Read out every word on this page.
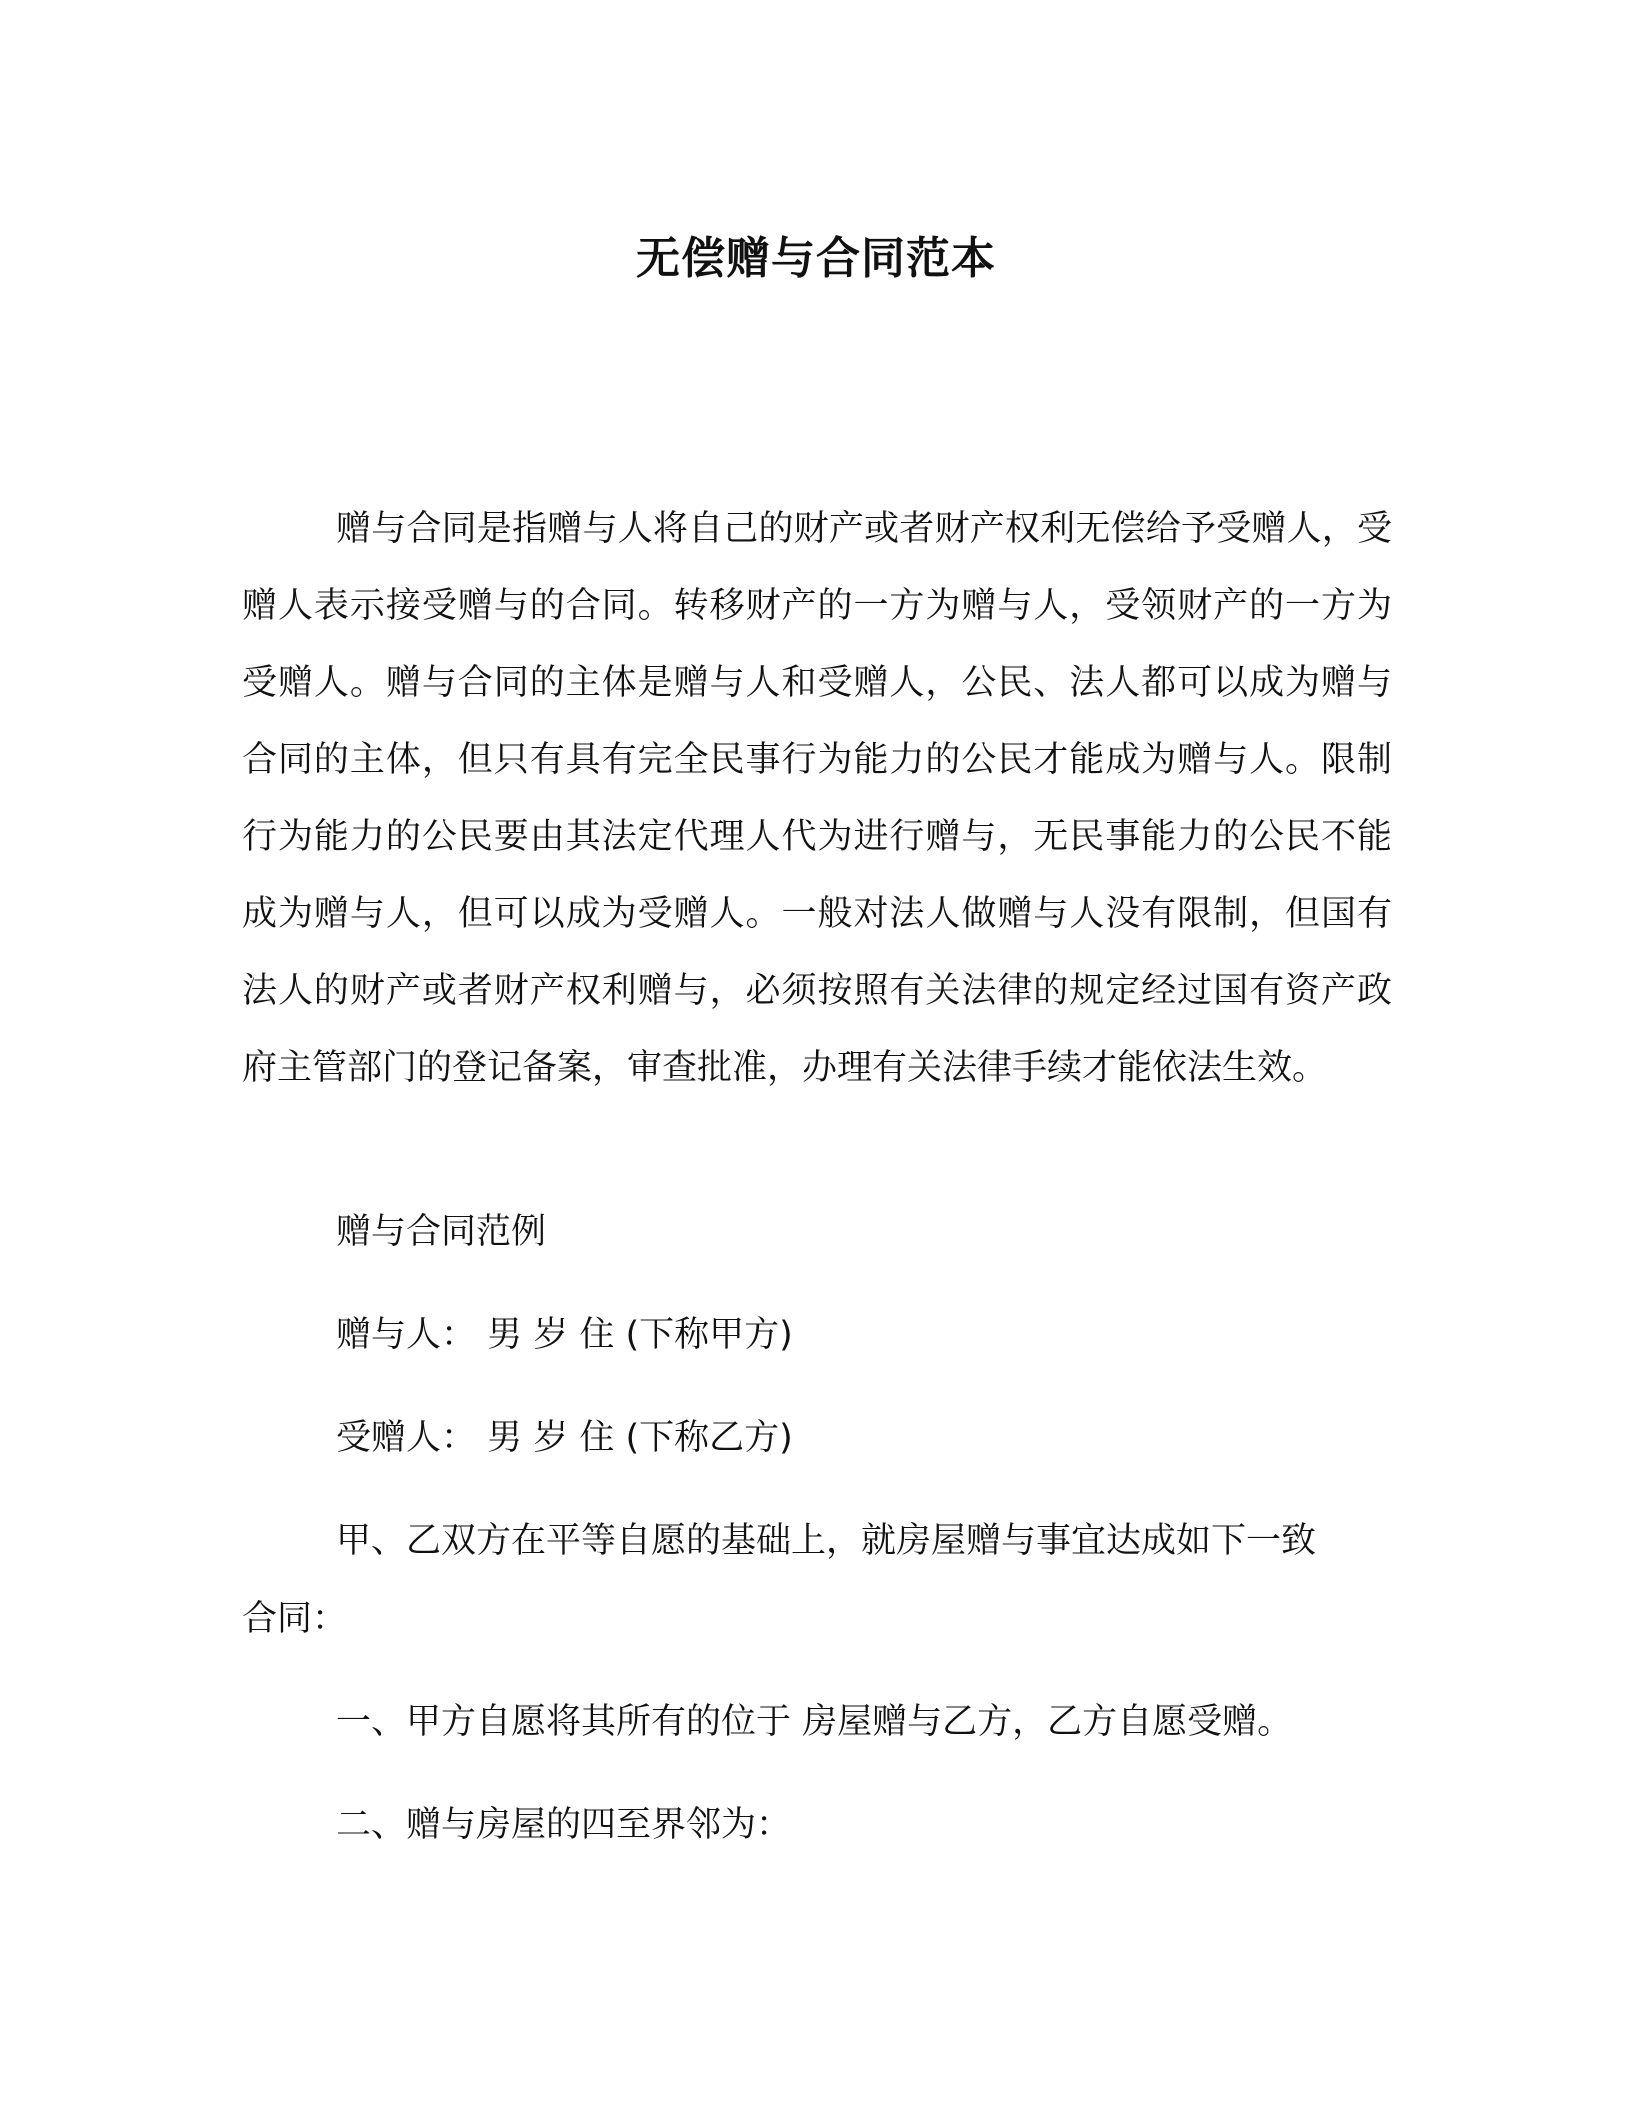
无偿赠与合同范本

赠与合同是指赠与人将自己的财产或者财产权利无偿给予受赠人，受赠人表示接受赠与的合同。转移财产的一方为赠与人，受领财产的一方为受赠人。赠与合同的主体是赠与人和受赠人，公民、法人都可以成为赠与合同的主体，但只有具有完全民事行为能力的公民才能成为赠与人。限制行为能力的公民要由其法定代理人代为进行赠与，无民事能力的公民不能成为赠与人，但可以成为受赠人。一般对法人做赠与人没有限制，但国有法人的财产或者财产权利赠与，必须按照有关法律的规定经过国有资产政府主管部门的登记备案，审查批准，办理有关法律手续才能依法生效。

赠与合同范例

赠与人： 男 岁 住 (下称甲方)

受赠人： 男 岁 住 (下称乙方)

甲、乙双方在平等自愿的基础上，就房屋赠与事宜达成如下一致

合同：

一、甲方自愿将其所有的位于 房屋赠与乙方，乙方自愿受赠。

二、赠与房屋的四至界邻为：
